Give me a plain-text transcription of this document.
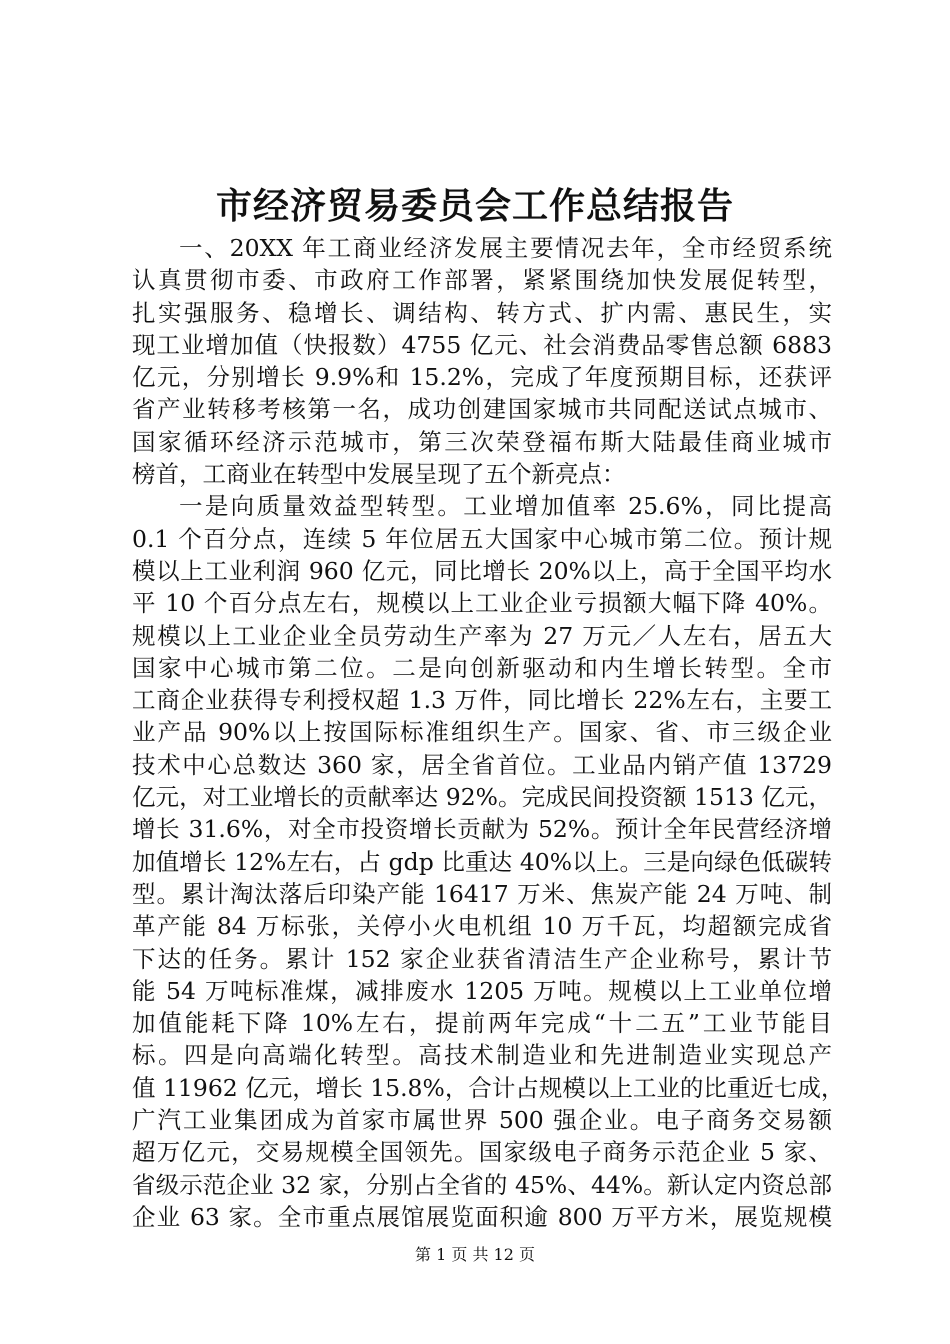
市经济贸易委员会工作总结报告
一、20XX 年工商业经济发展主要情况去年，全市经贸系统
认真贯彻市委、市政府工作部署，紧紧围绕加快发展促转型，
扎实强服务、稳增长、调结构、转方式、扩内需、惠民生，实
现工业增加值（快报数）4755 亿元、社会消费品零售总额 6883
亿元，分别增长 9.9%和 15.2%，完成了年度预期目标，还获评
省产业转移考核第一名，成功创建国家城市共同配送试点城市、
国家循环经济示范城市，第三次荣登福布斯大陆最佳商业城市
榜首，工商业在转型中发展呈现了五个新亮点：
一是向质量效益型转型。工业增加值率 25.6%，同比提高
0.1 个百分点，连续 5 年位居五大国家中心城市第二位。预计规
模以上工业利润 960 亿元，同比增长 20%以上，高于全国平均水
平 10 个百分点左右，规模以上工业企业亏损额大幅下降 40%。
规模以上工业企业全员劳动生产率为 27 万元／人左右，居五大
国家中心城市第二位。二是向创新驱动和内生增长转型。全市
工商企业获得专利授权超 1.3 万件，同比增长 22%左右，主要工
业产品 90%以上按国际标准组织生产。国家、省、市三级企业
技术中心总数达 360 家，居全省首位。工业品内销产值 13729
亿元，对工业增长的贡献率达 92%。完成民间投资额 1513 亿元，
增长 31.6%，对全市投资增长贡献为 52%。预计全年民营经济增
加值增长 12%左右，占 gdp 比重达 40%以上。三是向绿色低碳转
型。累计淘汰落后印染产能 16417 万米、焦炭产能 24 万吨、制
革产能 84 万标张，关停小火电机组 10 万千瓦，均超额完成省
下达的任务。累计 152 家企业获省清洁生产企业称号，累计节
能 54 万吨标准煤，减排废水 1205 万吨。规模以上工业单位增
加值能耗下降 10%左右，提前两年完成“十二五”工业节能目
标。四是向高端化转型。高技术制造业和先进制造业实现总产
值 11962 亿元，增长 15.8%，合计占规模以上工业的比重近七成，
广汽工业集团成为首家市属世界 500 强企业。电子商务交易额
超万亿元，交易规模全国领先。国家级电子商务示范企业 5 家、
省级示范企业 32 家，分别占全省的 45%、44%。新认定内资总部
企业 63 家。全市重点展馆展览面积逾 800 万平方米，展览规模
第 1 页 共 12 页
